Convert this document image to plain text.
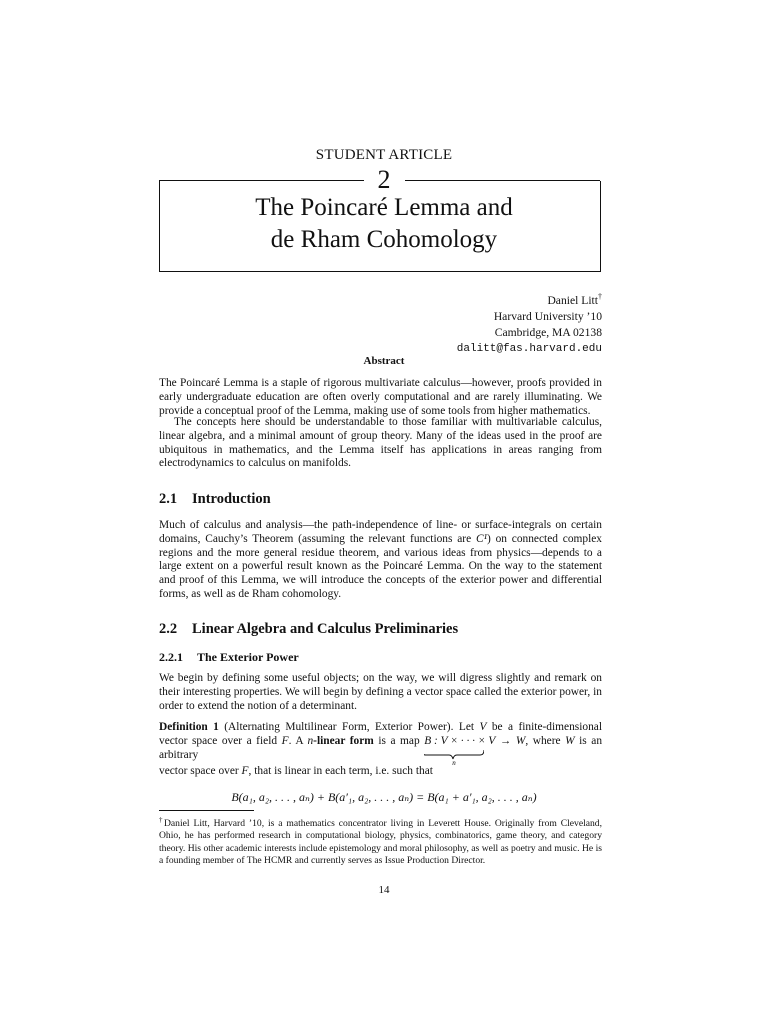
STUDENT ARTICLE
2
The Poincaré Lemma and
de Rham Cohomology
Daniel Litt†
Harvard University ’10
Cambridge, MA 02138
dalitt@fas.harvard.edu
Abstract

The Poincaré Lemma is a staple of rigorous multivariate calculus—however, proofs provided in early undergraduate education are often overly computational and are rarely illuminating. We provide a conceptual proof of the Lemma, making use of some tools from higher mathematics.

The concepts here should be understandable to those familiar with multivariable calculus, linear algebra, and a minimal amount of group theory. Many of the ideas used in the proof are ubiquitous in mathematics, and the Lemma itself has applications in areas ranging from electrodynamics to calculus on manifolds.

2.1 Introduction

Much of calculus and analysis—the path-independence of line- or surface-integrals on certain domains, Cauchy’s Theorem (assuming the relevant functions are C¹) on connected complex regions and the more general residue theorem, and various ideas from physics—depends to a large extent on a powerful result known as the Poincaré Lemma. On the way to the statement and proof of this Lemma, we will introduce the concepts of the exterior power and differential forms, as well as de Rham cohomology.

2.2 Linear Algebra and Calculus Preliminaries
2.2.1 The Exterior Power

We begin by defining some useful objects; on the way, we will digress slightly and remark on their interesting properties. We will begin by defining a vector space called the exterior power, in order to extend the notion of a determinant.

Definition 1 (Alternating Multilinear Form, Exterior Power). Let V be a finite-dimensional vector space over a field F. A n-linear form is a map B : V × · · · × V
n
→ W, where W is an arbitrary

vector space over F, that is linear in each term, i.e. such that

B(a₁, a₂, . . . , aₙ) + B(a′₁, a₂, . . . , aₙ) = B(a₁ + a′₁, a₂, . . . , aₙ)

†Daniel Litt, Harvard ’10, is a mathematics concentrator living in Leverett House. Originally from Cleveland, Ohio, he has performed research in computational biology, physics, combinatorics, game theory, and category theory. His other academic interests include epistemology and moral philosophy, as well as poetry and music. He is a founding member of The HCMR and currently serves as Issue Production Director.

14
